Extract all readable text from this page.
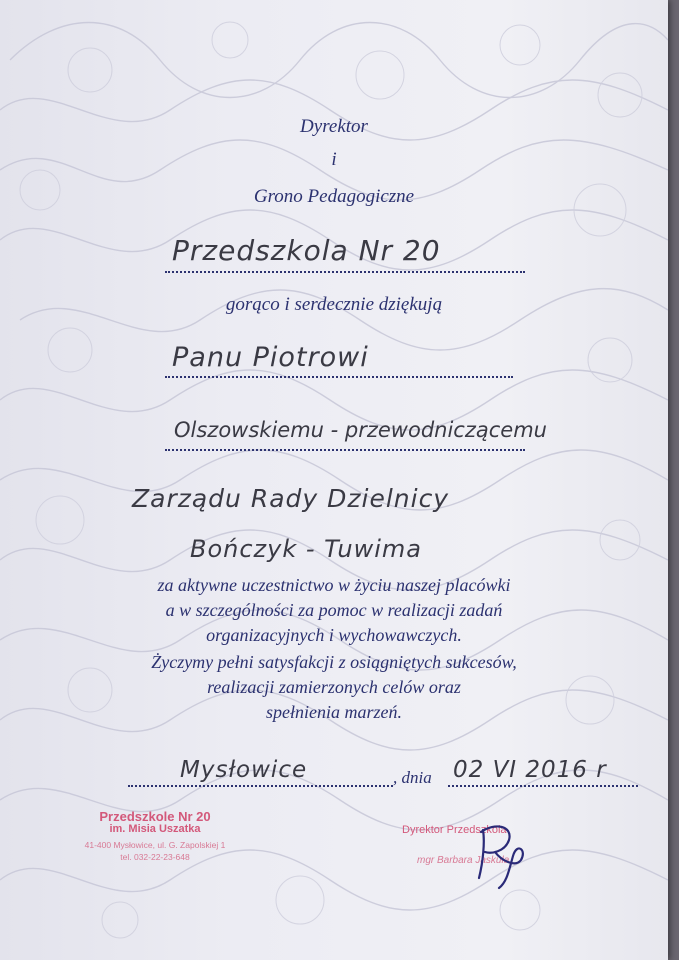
Dyrektor

i

Grono Pedagogiczne

Przedszkola Nr 20

gorąco i serdecznie dziękują

Panu Piotrowi
Olszowskiemu - przewodniczącemu
Zarządu Rady Dzielnicy
Bończyk - Tuwima

za aktywne uczestnictwo w życiu naszej placówki

a w szczególności za pomoc w realizacji zadań

organizacyjnych i wychowawczych.

Życzymy pełni satysfakcji z osiągniętych sukcesów,

realizacji zamierzonych celów oraz

spełnienia marzeń.

Mysłowice	, dnia 02 VI 2016 r

Przedszkole Nr 20

im. Misia Uszatka

41-400 Mysłowice, ul. G. Zapolskiej 1

tel. 032-22-23-648

Dyrektor Przedszkola

mgr Barbara Jaskuła
